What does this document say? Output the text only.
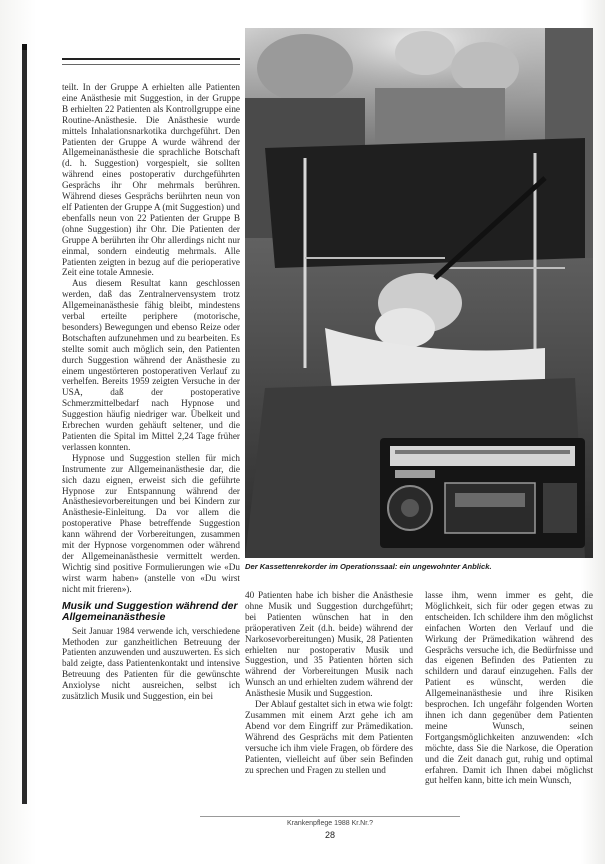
teilt. In der Gruppe A erhielten alle Patienten eine Anästhesie mit Suggestion, in der Gruppe B erhielten 22 Patienten als Kontrollgruppe eine Routine-Anästhesie. Die Anästhesie wurde mittels Inhalationsnarkotika durchgeführt. Den Patienten der Gruppe A wurde während der Allgemeinanästhesie die sprachliche Botschaft (d. h. Suggestion) vorgespielt, sie sollten während eines postoperativ durchgeführten Gesprächs ihr Ohr mehrmals berühren. Während dieses Gesprächs berührten neun von elf Patienten der Gruppe A (mit Suggestion) und ebenfalls neun von 22 Patienten der Gruppe B (ohne Suggestion) ihr Ohr. Die Patienten der Gruppe A berührten ihr Ohr allerdings nicht nur einmal, sondern eindeutig mehrmals. Alle Patienten zeigten in bezug auf die perioperative Zeit eine totale Amnesie.

Aus diesem Resultat kann geschlossen werden, daß das Zentralnervensystem trotz Allgemeinanästhesie fähig bleibt, mindestens verbal erteilte periphere (motorische, besonders) Bewegungen und ebenso Reize oder Botschaften aufzunehmen und zu bearbeiten. Es stellte somit auch möglich sein, den Patienten durch Suggestion während der Anästhesie zu einem ungestörteren postoperativen Verlauf zu verhelfen. Bereits 1959 zeigten Versuche in der USA, daß der postoperative Schmerzmittelbedarf nach Hypnose und Suggestion häufig niedriger war. Übelkeit und Erbrechen wurden gehäuft seltener, und die Patienten die Spital im Mittel 2,24 Tage früher verlassen konnten.

Hypnose und Suggestion stellen für mich Instrumente zur Allgemeinanästhesie dar, die sich dazu eignen, erweist sich die geführte Hypnose zur Entspannung während der Anästhesievorbereitungen und bei Kindern zur Anästhesie-Einleitung. Da vor allem die postoperative Phase betreffende Suggestion kann während der Vorbereitungen, zusammen mit der Hypnose vorgenommen oder während der Allgemeinanästhesie vermittelt werden. Wichtig sind positive Formulierungen wie «Du wirst warm haben» (anstelle von «Du wirst nicht mit frieren»).

Musik und Suggestion während der Allgemeinanästhesie

Seit Januar 1984 verwende ich, verschiedene Methoden zur ganzheitlichen Betreuung der Patienten anzuwenden und auszuwerten. Es sich bald zeigte, dass Patientenkontakt und intensive Betreuung des Patienten für die gewünschte Anxiolyse nicht ausreichen, selbst ich zusätzlich Musik und Suggestion, ein bei

Der Kassettenrekorder im Operationssaal: ein ungewohnter Anblick.

40 Patienten habe ich bisher die Anästhesie ohne Musik und Suggestion durchgeführt; bei Patienten wünschen hat in den präoperativen Zeit (d.h. beide) während der Narkosevorbereitungen) Musik, 28 Patienten erhielten nur postoperativ Musik und Suggestion, und 35 Patienten hörten sich während der Vorbereitungen Musik nach Wunsch an und erhielten zudem während der Anästhesie Musik und Suggestion.

Der Ablauf gestaltet sich in etwa wie folgt: Zusammen mit einem Arzt gehe ich am Abend vor dem Eingriff zur Prämedikation. Während des Gesprächs mit dem Patienten versuche ich ihm viele Fragen, ob fördere des Patienten, vielleicht auf über sein Befinden zu sprechen und Fragen zu stellen und

lasse ihm, wenn immer es geht, die Möglichkeit, sich für oder gegen etwas zu entscheiden. Ich schildere ihm den möglichst einfachen Worten den Verlauf und die Wirkung der Prämedikation während des Gesprächs versuche ich, die Bedürfnisse und das eigenen Befinden des Patienten zu schildern und darauf einzugehen. Falls der Patient es wünscht, werden die Allgemeinanästhesie und ihre Risiken besprochen. Ich ungefähr folgenden Worten ihnen ich dann gegenüber dem Patienten meine Wunsch, seinen Fortgangsmöglichkeiten anzuwenden: «Ich möchte, dass Sie die Narkose, die Operation und die Zeit danach gut, ruhig und optimal erfahren. Damit ich Ihnen dabei möglichst gut helfen kann, bitte ich mein Wunsch,

Krankenpflege 1988 Kr.Nr.?
28
